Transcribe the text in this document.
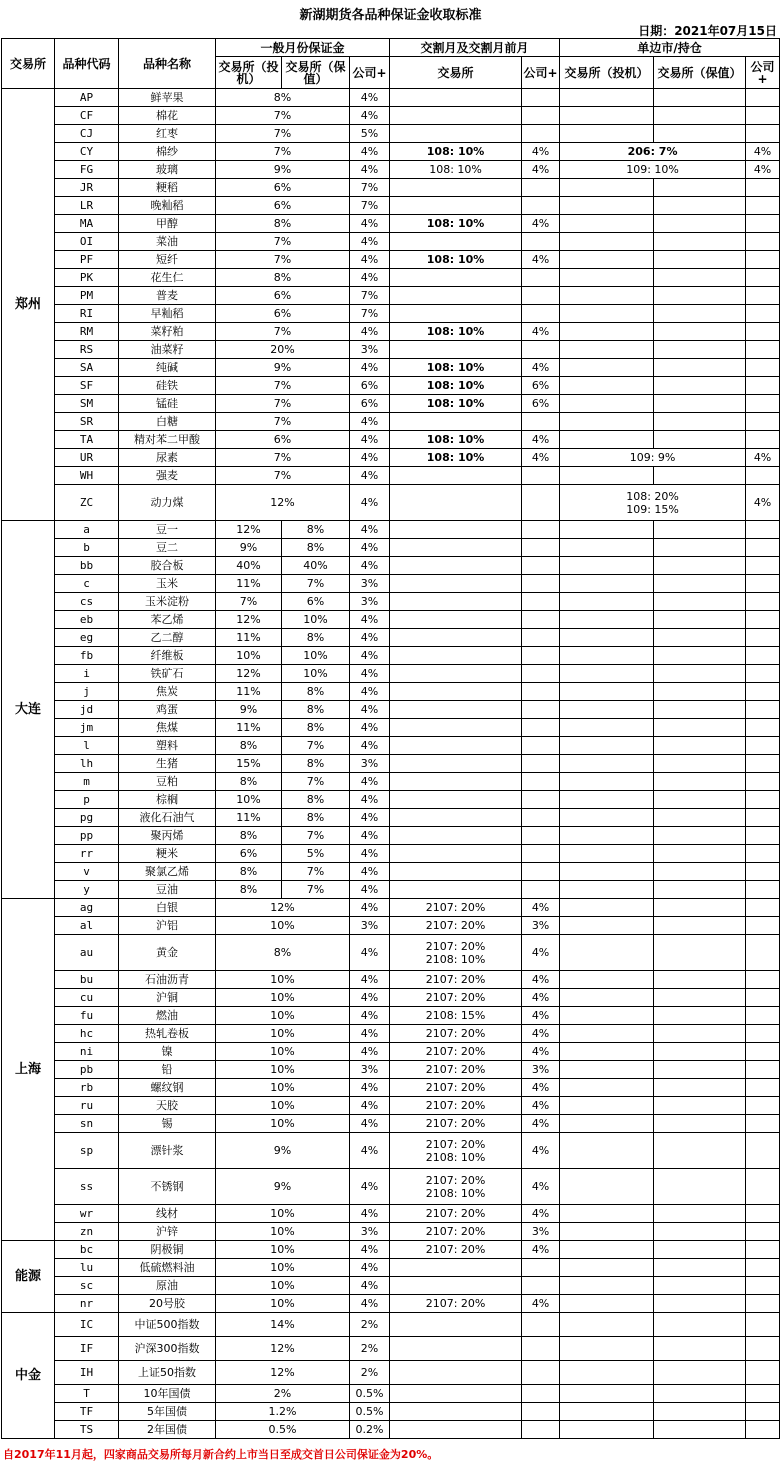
新湖期货各品种保证金收取标准
日期：2021年07月15日
交易所	品种代码	品种名称	一般月份保证金			交割月及交割月前月		单边市/持仓		
			交易所（投机）	交易所（保值）	公司+	交易所	公司+	交易所（投机）	交易所（保值）	公司+
郑州	AP	鲜苹果	8%		4%					
	CF	棉花	7%		4%					
	CJ	红枣	7%		5%					
	CY	棉纱	7%		4%	108: 10%	4%	206: 7%		4%
	FG	玻璃	9%		4%	108: 10%	4%	109: 10%		4%
	JR	粳稻	6%		7%					
	LR	晚籼稻	6%		7%					
	MA	甲醇	8%		4%	108: 10%	4%			
	OI	菜油	7%		4%					
	PF	短纤	7%		4%	108: 10%	4%			
	PK	花生仁	8%		4%					
	PM	普麦	6%		7%					
	RI	早籼稻	6%		7%					
	RM	菜籽粕	7%		4%	108: 10%	4%			
	RS	油菜籽	20%		3%					
	SA	纯碱	9%		4%	108: 10%	4%			
	SF	硅铁	7%		6%	108: 10%	6%			
	SM	锰硅	7%		6%	108: 10%	6%			
	SR	白糖	7%		4%					
	TA	精对苯二甲酸	6%		4%	108: 10%	4%			
	UR	尿素	7%		4%	108: 10%	4%	109: 9%		4%
	WH	强麦	7%		4%					
	ZC	动力煤	12%		4%			108: 20%
109: 15%		4%
大连	a	豆一	12%	8%	4%					
	b	豆二	9%	8%	4%					
	bb	胶合板	40%	40%	4%					
	c	玉米	11%	7%	3%					
	cs	玉米淀粉	7%	6%	3%					
	eb	苯乙烯	12%	10%	4%					
	eg	乙二醇	11%	8%	4%					
	fb	纤维板	10%	10%	4%					
	i	铁矿石	12%	10%	4%					
	j	焦炭	11%	8%	4%					
	jd	鸡蛋	9%	8%	4%					
	jm	焦煤	11%	8%	4%					
	l	塑料	8%	7%	4%					
	lh	生猪	15%	8%	3%					
	m	豆粕	8%	7%	4%					
	p	棕榈	10%	8%	4%					
	pg	液化石油气	11%	8%	4%					
	pp	聚丙烯	8%	7%	4%					
	rr	粳米	6%	5%	4%					
	v	聚氯乙烯	8%	7%	4%					
	y	豆油	8%	7%	4%					
上海	ag	白银	12%		4%	2107: 20%	4%			
	al	沪铝	10%		3%	2107: 20%	3%			
	au	黄金	8%		4%	2107: 20%
2108: 10%	4%			
	bu	石油沥青	10%		4%	2107: 20%	4%			
	cu	沪铜	10%		4%	2107: 20%	4%			
	fu	燃油	10%		4%	2108: 15%	4%			
	hc	热轧卷板	10%		4%	2107: 20%	4%			
	ni	镍	10%		4%	2107: 20%	4%			
	pb	铅	10%		3%	2107: 20%	3%			
	rb	螺纹钢	10%		4%	2107: 20%	4%			
	ru	天胶	10%		4%	2107: 20%	4%			
	sn	锡	10%		4%	2107: 20%	4%			
	sp	漂针浆	9%		4%	2107: 20%
2108: 10%	4%			
	ss	不锈钢	9%		4%	2107: 20%
2108: 10%	4%			
	wr	线材	10%		4%	2107: 20%	4%			
	zn	沪锌	10%		3%	2107: 20%	3%			
能源	bc	阴极铜	10%		4%	2107: 20%	4%			
	lu	低硫燃料油	10%		4%					
	sc	原油	10%		4%					
	nr	20号胶	10%		4%	2107: 20%	4%			
中金	IC	中证500指数	14%		2%					
	IF	沪深300指数	12%		2%					
	IH	上证50指数	12%		2%					
	T	10年国债	2%		0.5%					
	TF	5年国债	1.2%		0.5%					
	TS	2年国债	0.5%		0.2%					
自2017年11月起，四家商品交易所每月新合约上市当日至成交首日公司保证金为20%。
